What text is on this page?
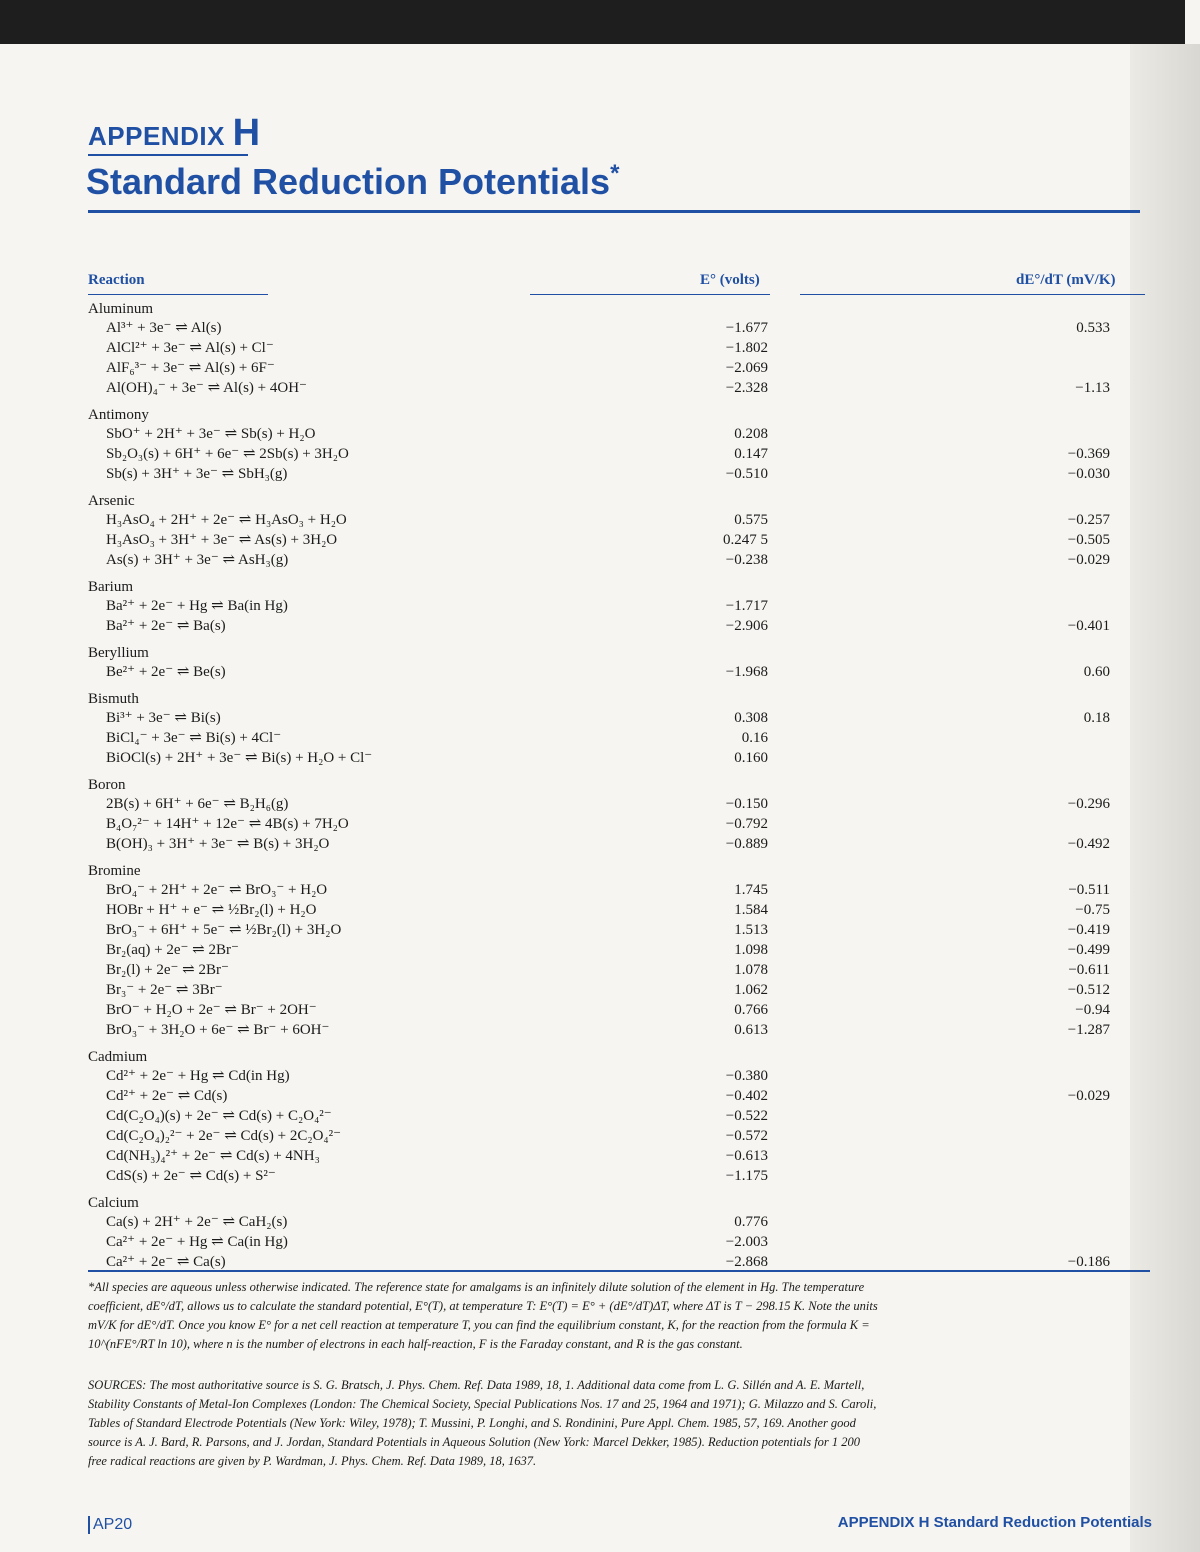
APPENDIX H
Standard Reduction Potentials*
Reaction	E° (volts)	dE°/dT (mV/K)
Aluminum
Al³⁺ + 3e⁻ ⇌ Al(s)	−1.677	0.533
AlCl²⁺ + 3e⁻ ⇌ Al(s) + Cl⁻	−1.802
AlF₆³⁻ + 3e⁻ ⇌ Al(s) + 6F⁻	−2.069
Al(OH)₄⁻ + 3e⁻ ⇌ Al(s) + 4OH⁻	−2.328	−1.13
Antimony
SbO⁺ + 2H⁺ + 3e⁻ ⇌ Sb(s) + H₂O	0.208
Sb₂O₃(s) + 6H⁺ + 6e⁻ ⇌ 2Sb(s) + 3H₂O	0.147	−0.369
Sb(s) + 3H⁺ + 3e⁻ ⇌ SbH₃(g)	−0.510	−0.030
Arsenic
H₃AsO₄ + 2H⁺ + 2e⁻ ⇌ H₃AsO₃ + H₂O	0.575	−0.257
H₃AsO₃ + 3H⁺ + 3e⁻ ⇌ As(s) + 3H₂O	0.247 5	−0.505
As(s) + 3H⁺ + 3e⁻ ⇌ AsH₃(g)	−0.238	−0.029
Barium
Ba²⁺ + 2e⁻ + Hg ⇌ Ba(in Hg)	−1.717
Ba²⁺ + 2e⁻ ⇌ Ba(s)	−2.906	−0.401
Beryllium
Be²⁺ + 2e⁻ ⇌ Be(s)	−1.968	0.60
Bismuth
Bi³⁺ + 3e⁻ ⇌ Bi(s)	0.308	0.18
BiCl₄⁻ + 3e⁻ ⇌ Bi(s) + 4Cl⁻	0.16
BiOCl(s) + 2H⁺ + 3e⁻ ⇌ Bi(s) + H₂O + Cl⁻	0.160
Boron
2B(s) + 6H⁺ + 6e⁻ ⇌ B₂H₆(g)	−0.150	−0.296
B₄O₇²⁻ + 14H⁺ + 12e⁻ ⇌ 4B(s) + 7H₂O	−0.792
B(OH)₃ + 3H⁺ + 3e⁻ ⇌ B(s) + 3H₂O	−0.889	−0.492
Bromine
BrO₄⁻ + 2H⁺ + 2e⁻ ⇌ BrO₃⁻ + H₂O	1.745	−0.511
HOBr + H⁺ + e⁻ ⇌ ½Br₂(l) + H₂O	1.584	−0.75
BrO₃⁻ + 6H⁺ + 5e⁻ ⇌ ½Br₂(l) + 3H₂O	1.513	−0.419
Br₂(aq) + 2e⁻ ⇌ 2Br⁻	1.098	−0.499
Br₂(l) + 2e⁻ ⇌ 2Br⁻	1.078	−0.611
Br₃⁻ + 2e⁻ ⇌ 3Br⁻	1.062	−0.512
BrO⁻ + H₂O + 2e⁻ ⇌ Br⁻ + 2OH⁻	0.766	−0.94
BrO₃⁻ + 3H₂O + 6e⁻ ⇌ Br⁻ + 6OH⁻	0.613	−1.287
Cadmium
Cd²⁺ + 2e⁻ + Hg ⇌ Cd(in Hg)	−0.380
Cd²⁺ + 2e⁻ ⇌ Cd(s)	−0.402	−0.029
Cd(C₂O₄)(s) + 2e⁻ ⇌ Cd(s) + C₂O₄²⁻	−0.522
Cd(C₂O₄)₂²⁻ + 2e⁻ ⇌ Cd(s) + 2C₂O₄²⁻	−0.572
Cd(NH₃)₄²⁺ + 2e⁻ ⇌ Cd(s) + 4NH₃	−0.613
CdS(s) + 2e⁻ ⇌ Cd(s) + S²⁻	−1.175
Calcium
Ca(s) + 2H⁺ + 2e⁻ ⇌ CaH₂(s)	0.776
Ca²⁺ + 2e⁻ + Hg ⇌ Ca(in Hg)	−2.003
Ca²⁺ + 2e⁻ ⇌ Ca(s)	−2.868	−0.186
*All species are aqueous unless otherwise indicated. The reference state for amalgams is an infinitely dilute solution of the element in Hg. The temperature coefficient, dE°/dT, allows us to calculate the standard potential, E°(T), at temperature T: E°(T) = E° + (dE°/dT)ΔT, where ΔT is T − 298.15 K. Note the units mV/K for dE°/dT. Once you know E° for a net cell reaction at temperature T, you can find the equilibrium constant, K, for the reaction from the formula K = 10^(nFE°/RT ln 10), where n is the number of electrons in each half-reaction, F is the Faraday constant, and R is the gas constant.
SOURCES: The most authoritative source is S. G. Bratsch, J. Phys. Chem. Ref. Data 1989, 18, 1. Additional data come from L. G. Sillén and A. E. Martell, Stability Constants of Metal-Ion Complexes (London: The Chemical Society, Special Publications Nos. 17 and 25, 1964 and 1971); G. Milazzo and S. Caroli, Tables of Standard Electrode Potentials (New York: Wiley, 1978); T. Mussini, P. Longhi, and S. Rondinini, Pure Appl. Chem. 1985, 57, 169. Another good source is A. J. Bard, R. Parsons, and J. Jordan, Standard Potentials in Aqueous Solution (New York: Marcel Dekker, 1985). Reduction potentials for 1 200 free radical reactions are given by P. Wardman, J. Phys. Chem. Ref. Data 1989, 18, 1637.
AP20	APPENDIX H Standard Reduction Potentials
